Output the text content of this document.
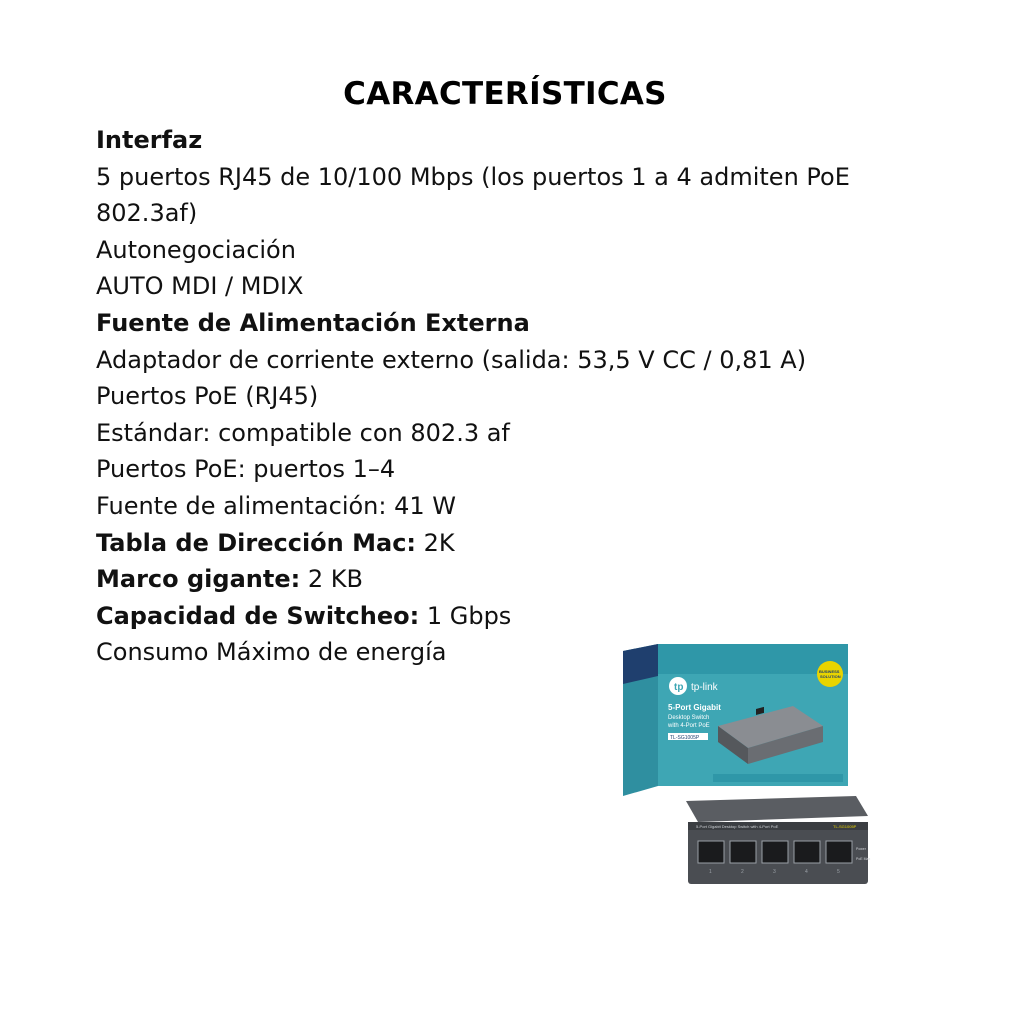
CARACTERÍSTICAS
Interfaz
5 puertos RJ45 de 10/100 Mbps (los puertos 1 a 4 admiten PoE 802.3af)
Autonegociación
AUTO MDI / MDIX
Fuente de Alimentación Externa
Adaptador de corriente externo (salida: 53,5 V CC / 0,81 A)
Puertos PoE (RJ45)
Estándar: compatible con 802.3 af
Puertos PoE: puertos 1–4
Fuente de alimentación: 41 W
Tabla de Dirección Mac: 2K
Marco gigante: 2 KB
Capacidad de Switcheo: 1 Gbps
Consumo Máximo de energía
tp tp-link
5-Port Gigabit
Desktop Switch
with 4-Port PoE
TL-SG1005P
BUSINESS
SOLUTION
5-Port Gigabit Desktop Switch with 4-Port PoE	TL-SG1005P
1	2	3	4	5
Power
PoE Max
